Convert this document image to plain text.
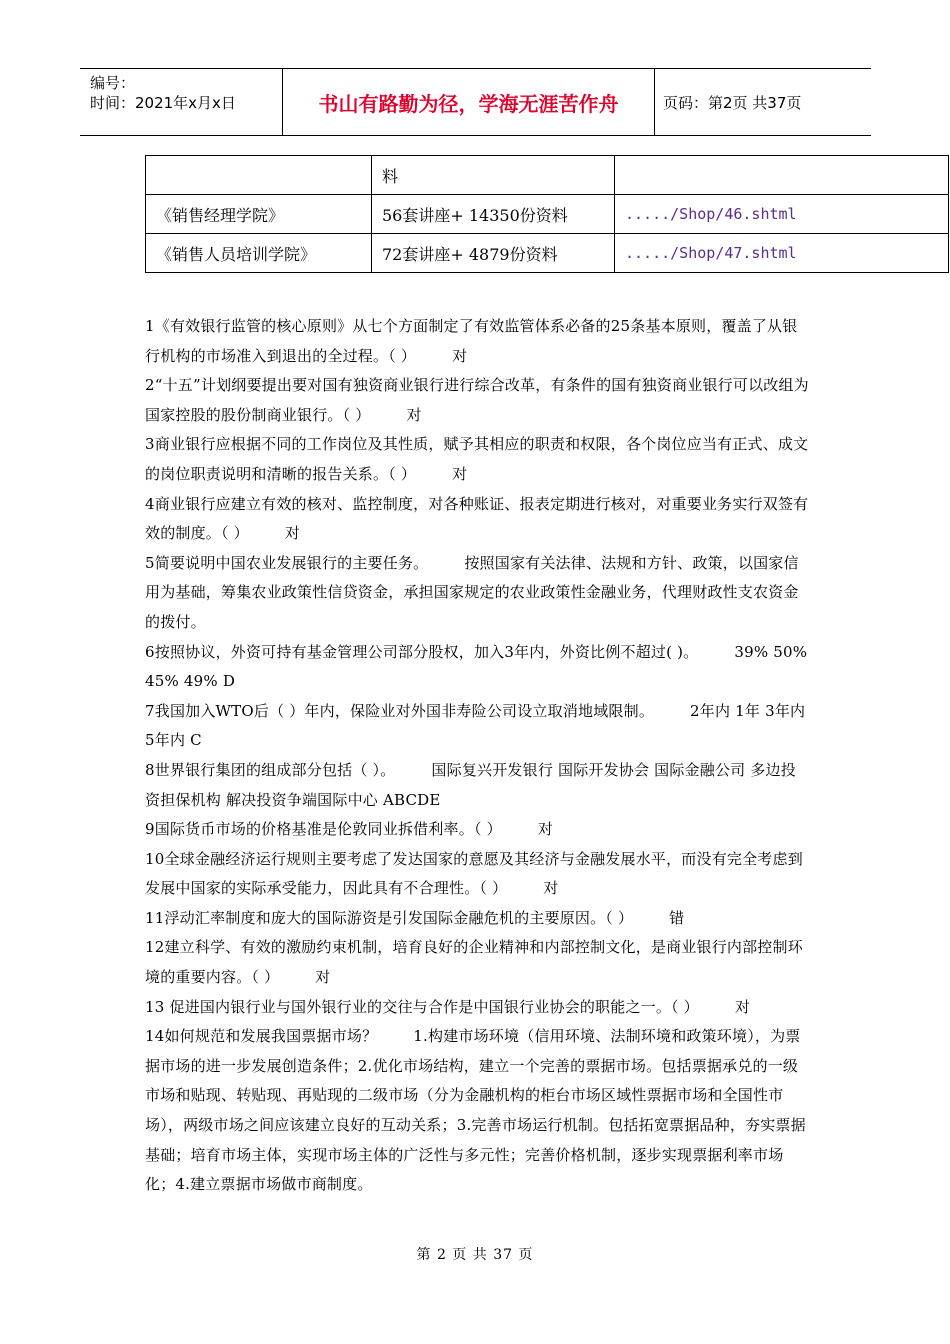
编号：
时间：2021年x月x日	书山有路勤为径，学海无涯苦作舟	页码：第2页 共37页
	料	
《销售经理学院》	56套讲座+ 14350份资料	...../Shop/46.shtml
《销售人员培训学院》	72套讲座+ 4879份资料	...../Shop/47.shtml

1《有效银行监管的核心原则》从七个方面制定了有效监管体系必备的25条基本原则，覆盖了从银行机构的市场准入到退出的全过程。（ ） 对

2“十五”计划纲要提出要对国有独资商业银行进行综合改革，有条件的国有独资商业银行可以改组为国家控股的股份制商业银行。（ ） 对

3商业银行应根据不同的工作岗位及其性质，赋予其相应的职责和权限，各个岗位应当有正式、成文的岗位职责说明和清晰的报告关系。（ ） 对

4商业银行应建立有效的核对、监控制度，对各种账证、报表定期进行核对，对重要业务实行双签有效的制度。（ ） 对

5简要说明中国农业发展银行的主要任务。 按照国家有关法律、法规和方针、政策，以国家信用为基础，筹集农业政策性信贷资金，承担国家规定的农业政策性金融业务，代理财政性支农资金的拨付。

6按照协议，外资可持有基金管理公司部分股权，加入3年内，外资比例不超过( )。 39% 50% 45% 49% D

7我国加入WTO后（ ）年内，保险业对外国非寿险公司设立取消地域限制。 2年内 1年 3年内 5年内 C

8世界银行集团的组成部分包括（ ）。 国际复兴开发银行 国际开发协会 国际金融公司 多边投资担保机构 解决投资争端国际中心 ABCDE

9国际货币市场的价格基准是伦敦同业拆借利率。（ ） 对

10全球金融经济运行规则主要考虑了发达国家的意愿及其经济与金融发展水平，而没有完全考虑到发展中国家的实际承受能力，因此具有不合理性。（ ） 对

11浮动汇率制度和庞大的国际游资是引发国际金融危机的主要原因。（ ） 错

12建立科学、有效的激励约束机制，培育良好的企业精神和内部控制文化，是商业银行内部控制环境的重要内容。（ ） 对

13 促进国内银行业与国外银行业的交往与合作是中国银行业协会的职能之一。（ ） 对

14如何规范和发展我国票据市场？ 1.构建市场环境（信用环境、法制环境和政策环境），为票据市场的进一步发展创造条件；2.优化市场结构，建立一个完善的票据市场。包括票据承兑的一级市场和贴现、转贴现、再贴现的二级市场（分为金融机构的柜台市场区域性票据市场和全国性市场），两级市场之间应该建立良好的互动关系；3.完善市场运行机制。包括拓宽票据品种，夯实票据基础；培育市场主体，实现市场主体的广泛性与多元性；完善价格机制，逐步实现票据利率市场化；4.建立票据市场做市商制度。

第 2 页 共 37 页
